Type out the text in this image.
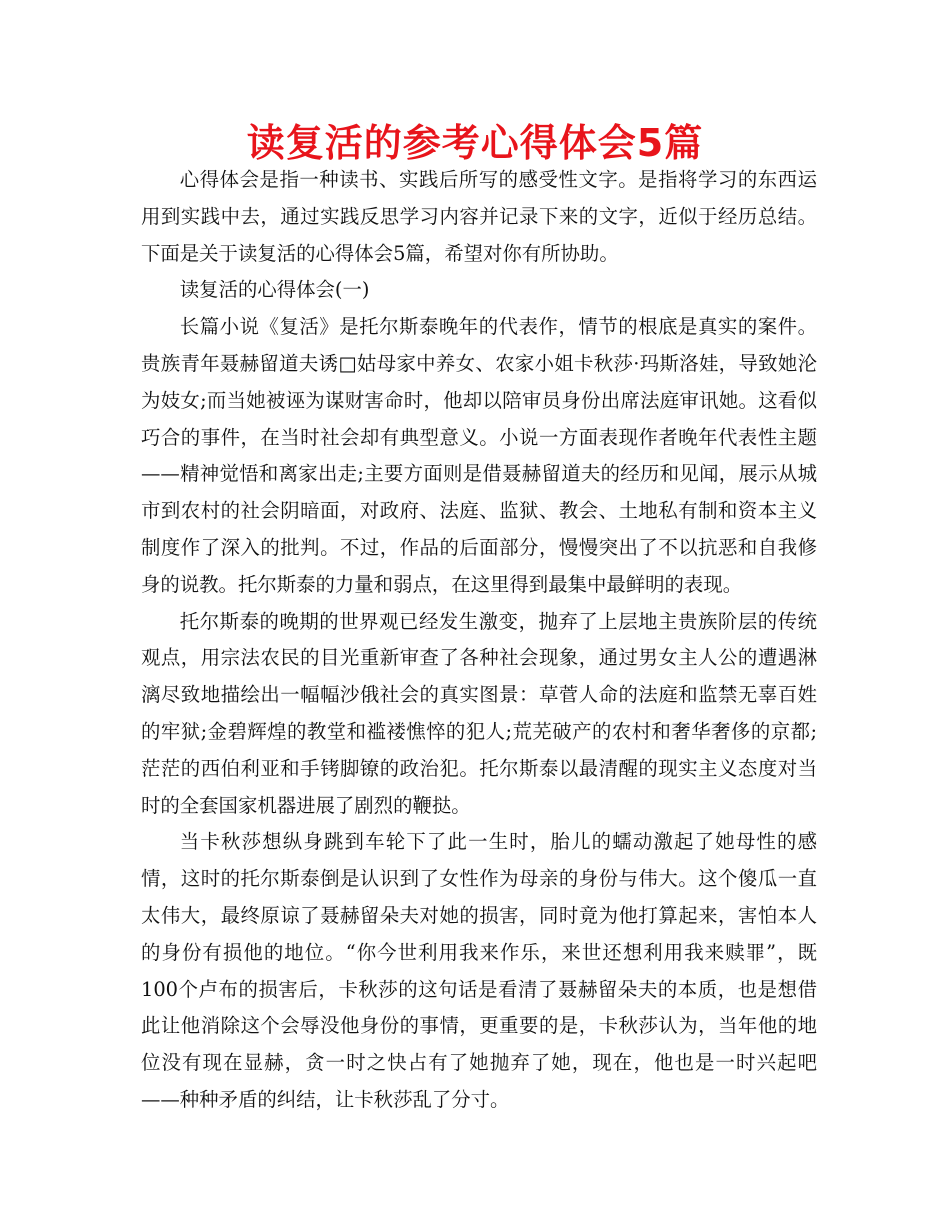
读复活的参考心得体会5篇

心得体会是指一种读书、实践后所写的感受性文字。是指将学习的东西运用到实践中去，通过实践反思学习内容并记录下来的文字，近似于经历总结。下面是关于读复活的心得体会5篇，希望对你有所协助。

读复活的心得体会(一)

长篇小说《复活》是托尔斯泰晚年的代表作，情节的根底是真实的案件。贵族青年聂赫留道夫诱□姑母家中养女、农家小姐卡秋莎·玛斯洛娃，导致她沦为妓女;而当她被诬为谋财害命时，他却以陪审员身份出席法庭审讯她。这看似巧合的事件，在当时社会却有典型意义。小说一方面表现作者晚年代表性主题——精神觉悟和离家出走;主要方面则是借聂赫留道夫的经历和见闻，展示从城市到农村的社会阴暗面，对政府、法庭、监狱、教会、土地私有制和资本主义制度作了深入的批判。不过，作品的后面部分，慢慢突出了不以抗恶和自我修身的说教。托尔斯泰的力量和弱点，在这里得到最集中最鲜明的表现。

托尔斯泰的晚期的世界观已经发生激变，抛弃了上层地主贵族阶层的传统观点，用宗法农民的目光重新审查了各种社会现象，通过男女主人公的遭遇淋漓尽致地描绘出一幅幅沙俄社会的真实图景：草菅人命的法庭和监禁无辜百姓的牢狱;金碧辉煌的教堂和褴褛憔悴的犯人;荒芜破产的农村和奢华奢侈的京都;茫茫的西伯利亚和手铐脚镣的政治犯。托尔斯泰以最清醒的现实主义态度对当时的全套国家机器进展了剧烈的鞭挞。

当卡秋莎想纵身跳到车轮下了此一生时，胎儿的蠕动激起了她母性的感情，这时的托尔斯泰倒是认识到了女性作为母亲的身份与伟大。这个傻瓜一直太伟大，最终原谅了聂赫留朵夫对她的损害，同时竟为他打算起来，害怕本人的身份有损他的地位。“你今世利用我来作乐，来世还想利用我来赎罪”，既100个卢布的损害后，卡秋莎的这句话是看清了聂赫留朵夫的本质，也是想借此让他消除这个会辱没他身份的事情，更重要的是，卡秋莎认为，当年他的地位没有现在显赫，贪一时之快占有了她抛弃了她，现在，他也是一时兴起吧——种种矛盾的纠结，让卡秋莎乱了分寸。
